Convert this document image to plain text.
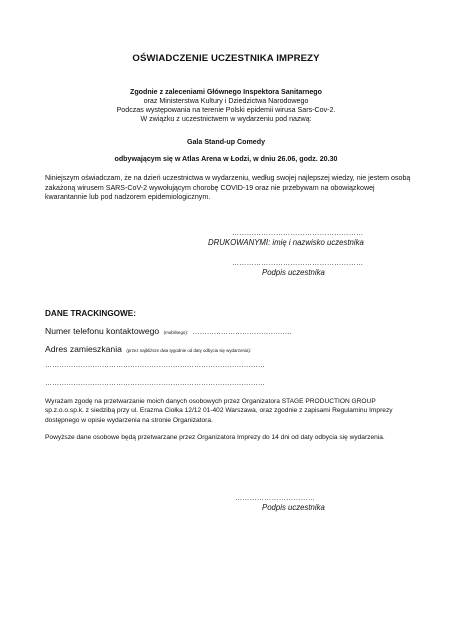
OŚWIADCZENIE UCZESTNIKA IMPREZY
Zgodnie z zaleceniami Głównego Inspektora Sanitarnego
oraz Ministerstwa Kultury i Dziedzictwa Narodowego
Podczas występowania na terenie Polski epidemii wirusa Sars-Cov-2.
W związku z uczestnictwem w wydarzeniu pod nazwą:
Gala Stand-up Comedy
odbywającym się w Atlas Arena w Łodzi, w dniu 26.06, godz. 20.30
Niniejszym oświadczam, że na dzień uczestnictwa w wydarzeniu, według swojej najlepszej wiedzy, nie jestem osobą zakażoną wirusem SARS-CoV-2 wywołującym chorobę COVID-19 oraz nie przebywam na obowiązkowej kwarantannie lub pod nadzorem epidemiologicznym.
………………………………………………
DRUKOWANYMI: imię i nazwisko uczestnika
………………………………………………
Podpis uczestnika
DANE TRACKINGOWE:
Numer telefonu kontaktowego (mobilnego): ……………………………………
Adres zamieszkania (przez najbliższe dwa tygodnie od daty odbycia się wydarzenia):
…………………………………………………………………………………
…………………………………………………………………………………
Wyrażam zgodę na przetwarzanie moich danych osobowych przez Organizatora STAGE PRODUCTION GROUP sp.z.o.o.sp.k. z siedzibą przy ul. Erazma Ciołka 12/12 01-402 Warszawa, oraz zgodnie z zapisami Regulaminu Imprezy dostępnego w opisie wydarzenia na stronie Organizatora.
Powyższe dane osobowe będą przetwarzane przez Organizatora Imprezy do 14 dni od daty odbycia się wydarzenia.
……………………………
Podpis uczestnika
